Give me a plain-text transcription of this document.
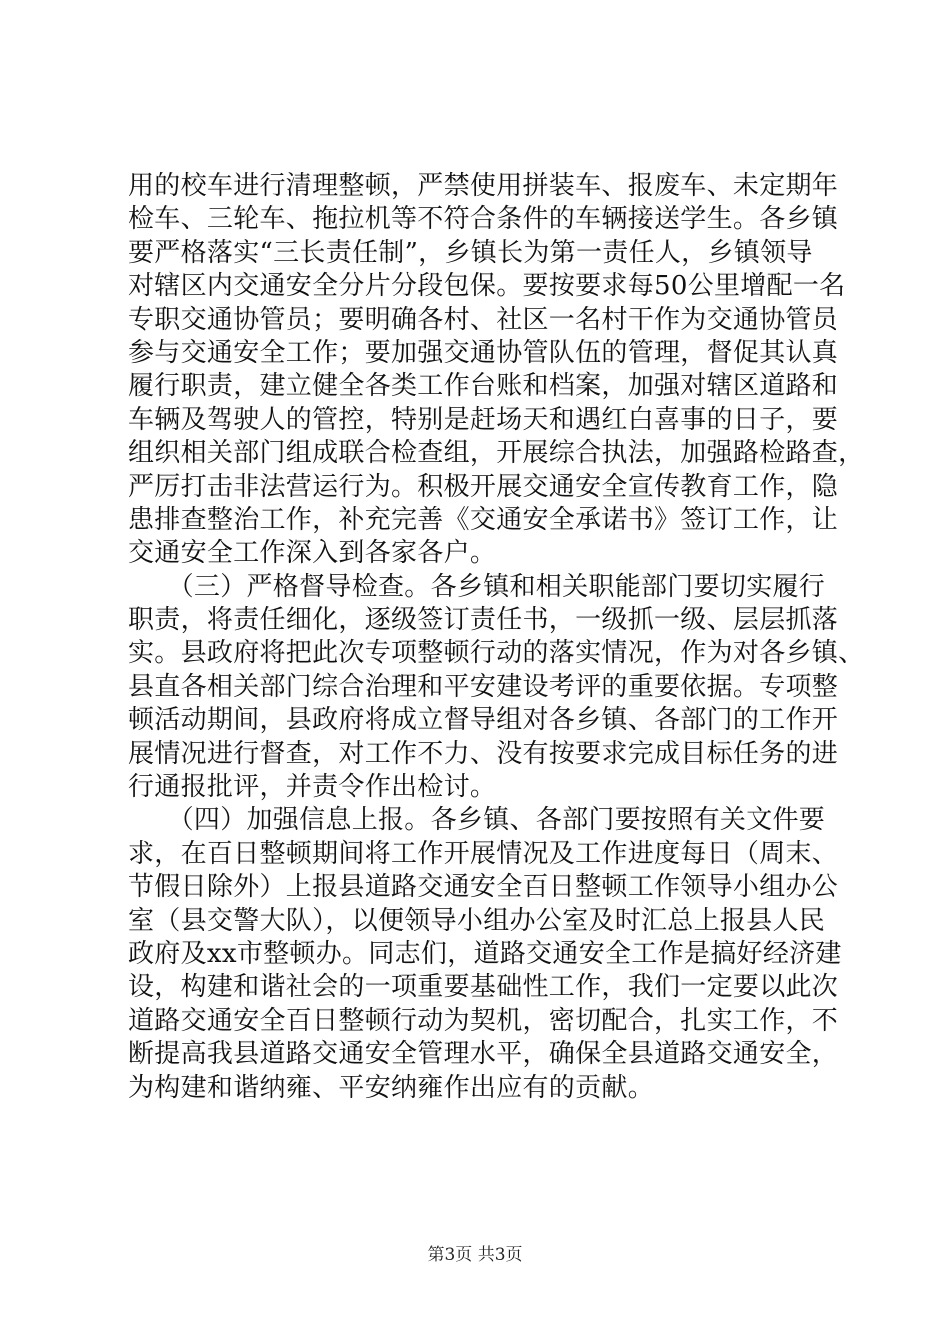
用的校车进行清理整顿，严禁使用拼装车、报废车、未定期年
检车、三轮车、拖拉机等不符合条件的车辆接送学生。各乡镇
要严格落实“三长责任制”，乡镇长为第一责任人，乡镇领导
对辖区内交通安全分片分段包保。要按要求每50公里增配一名
专职交通协管员；要明确各村、社区一名村干作为交通协管员
参与交通安全工作；要加强交通协管队伍的管理，督促其认真
履行职责，建立健全各类工作台账和档案，加强对辖区道路和
车辆及驾驶人的管控，特别是赶场天和遇红白喜事的日子，要
组织相关部门组成联合检查组，开展综合执法，加强路检路查，
严厉打击非法营运行为。积极开展交通安全宣传教育工作，隐
患排查整治工作，补充完善《交通安全承诺书》签订工作，让
交通安全工作深入到各家各户。
　　（三）严格督导检查。各乡镇和相关职能部门要切实履行
职责，将责任细化，逐级签订责任书，一级抓一级、层层抓落
实。县政府将把此次专项整顿行动的落实情况，作为对各乡镇、
县直各相关部门综合治理和平安建设考评的重要依据。专项整
顿活动期间，县政府将成立督导组对各乡镇、各部门的工作开
展情况进行督查，对工作不力、没有按要求完成目标任务的进
行通报批评，并责令作出检讨。
　　（四）加强信息上报。各乡镇、各部门要按照有关文件要
求，在百日整顿期间将工作开展情况及工作进度每日（周末、
节假日除外）上报县道路交通安全百日整顿工作领导小组办公
室（县交警大队），以便领导小组办公室及时汇总上报县人民
政府及xx市整顿办。同志们，道路交通安全工作是搞好经济建
设，构建和谐社会的一项重要基础性工作，我们一定要以此次
道路交通安全百日整顿行动为契机，密切配合，扎实工作，不
断提高我县道路交通安全管理水平，确保全县道路交通安全，
为构建和谐纳雍、平安纳雍作出应有的贡献。
第3页 共3页
